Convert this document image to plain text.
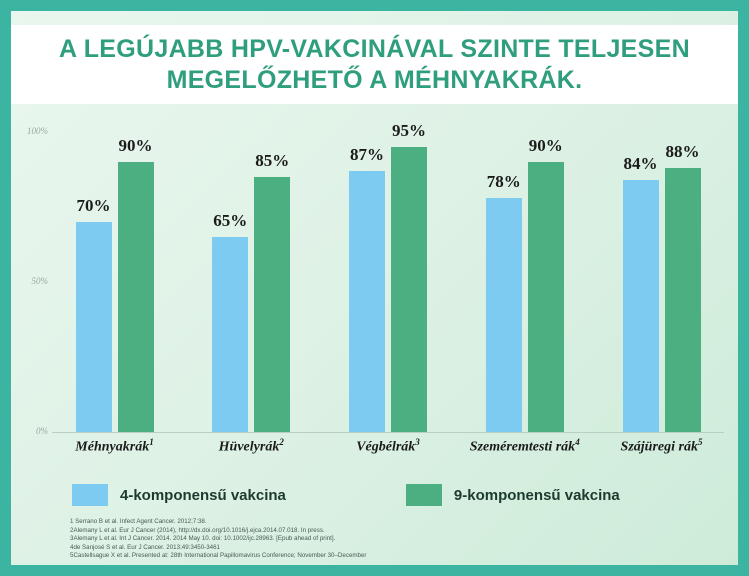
A LEGÚJABB HPV-VAKCINÁVAL SZINTE TELJESEN MEGELŐZHETŐ A MÉHNYAKRÁK.
100%
50%
0%
70%
90%
65%
85%	87%
95%
78%
90%
84%
88%
Méhnyakrák$^1$	Hüvelyrák$^2$	Végbélrák$^3$	Szeméremtesti rák$^4$	Szájüregi rák$^5$
4-komponensű vakcina	9-komponensű vakcina
1 Serrano B et al. Infect Agent Cancer. 2012;7:38.
2Alemany L et al. Eur J Cancer (2014), http://dx.doi.org/10.1016/j.ejca.2014.07.018. In press.
3Alemany L et al. Int J Cancer. 2014. 2014 May 10. doi: 10.1002/ijc.28963. [Epub ahead of print].
4de Sanjosé S et al. Eur J Cancer. 2013;49:3450-3461
5Castellsague X et al. Presented at: 28th International Papillomavirus Conference; November 30–December
